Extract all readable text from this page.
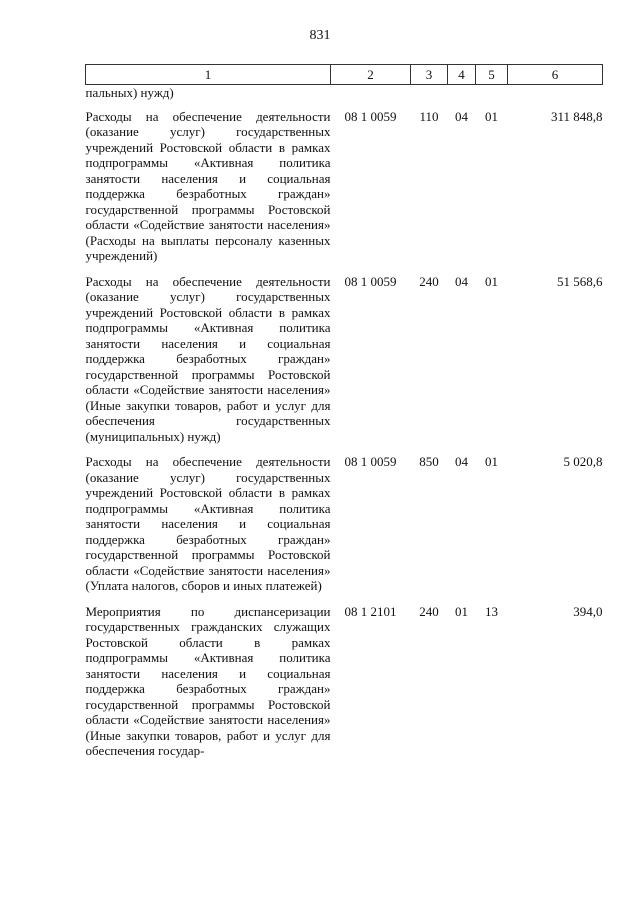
831
1	2	3	4	5	6
пальных) нужд)					
Расходы на обеспечение деятельности (оказание услуг) государственных учреждений Ростовской области в рамках подпрограммы «Активная политика занятости населения и социальная поддержка безработных граждан» государственной программы Ростовской области «Содействие занятости населения» (Расходы на выплаты персоналу казенных учреждений)	08 1 0059	110	04	01	311 848,8
Расходы на обеспечение деятельности (оказание услуг) государственных учреждений Ростовской области в рамках подпрограммы «Активная политика занятости населения и социальная поддержка безработных граждан» государственной программы Ростовской области «Содействие занятости населения» (Иные закупки товаров, работ и услуг для обеспечения государственных (муниципальных) нужд)	08 1 0059	240	04	01	51 568,6
Расходы на обеспечение деятельности (оказание услуг) государственных учреждений Ростовской области в рамках подпрограммы «Активная политика занятости населения и социальная поддержка безработных граждан» государственной программы Ростовской области «Содействие занятости населения» (Уплата налогов, сборов и иных платежей)	08 1 0059	850	04	01	5 020,8
Мероприятия по диспансеризации государственных гражданских служащих Ростовской области в рамках подпрограммы «Активная политика занятости населения и социальная поддержка безработных граждан» государственной программы Ростовской области «Содействие занятости населения» (Иные закупки товаров, работ и услуг для обеспечения государ-	08 1 2101	240	01	13	394,0
